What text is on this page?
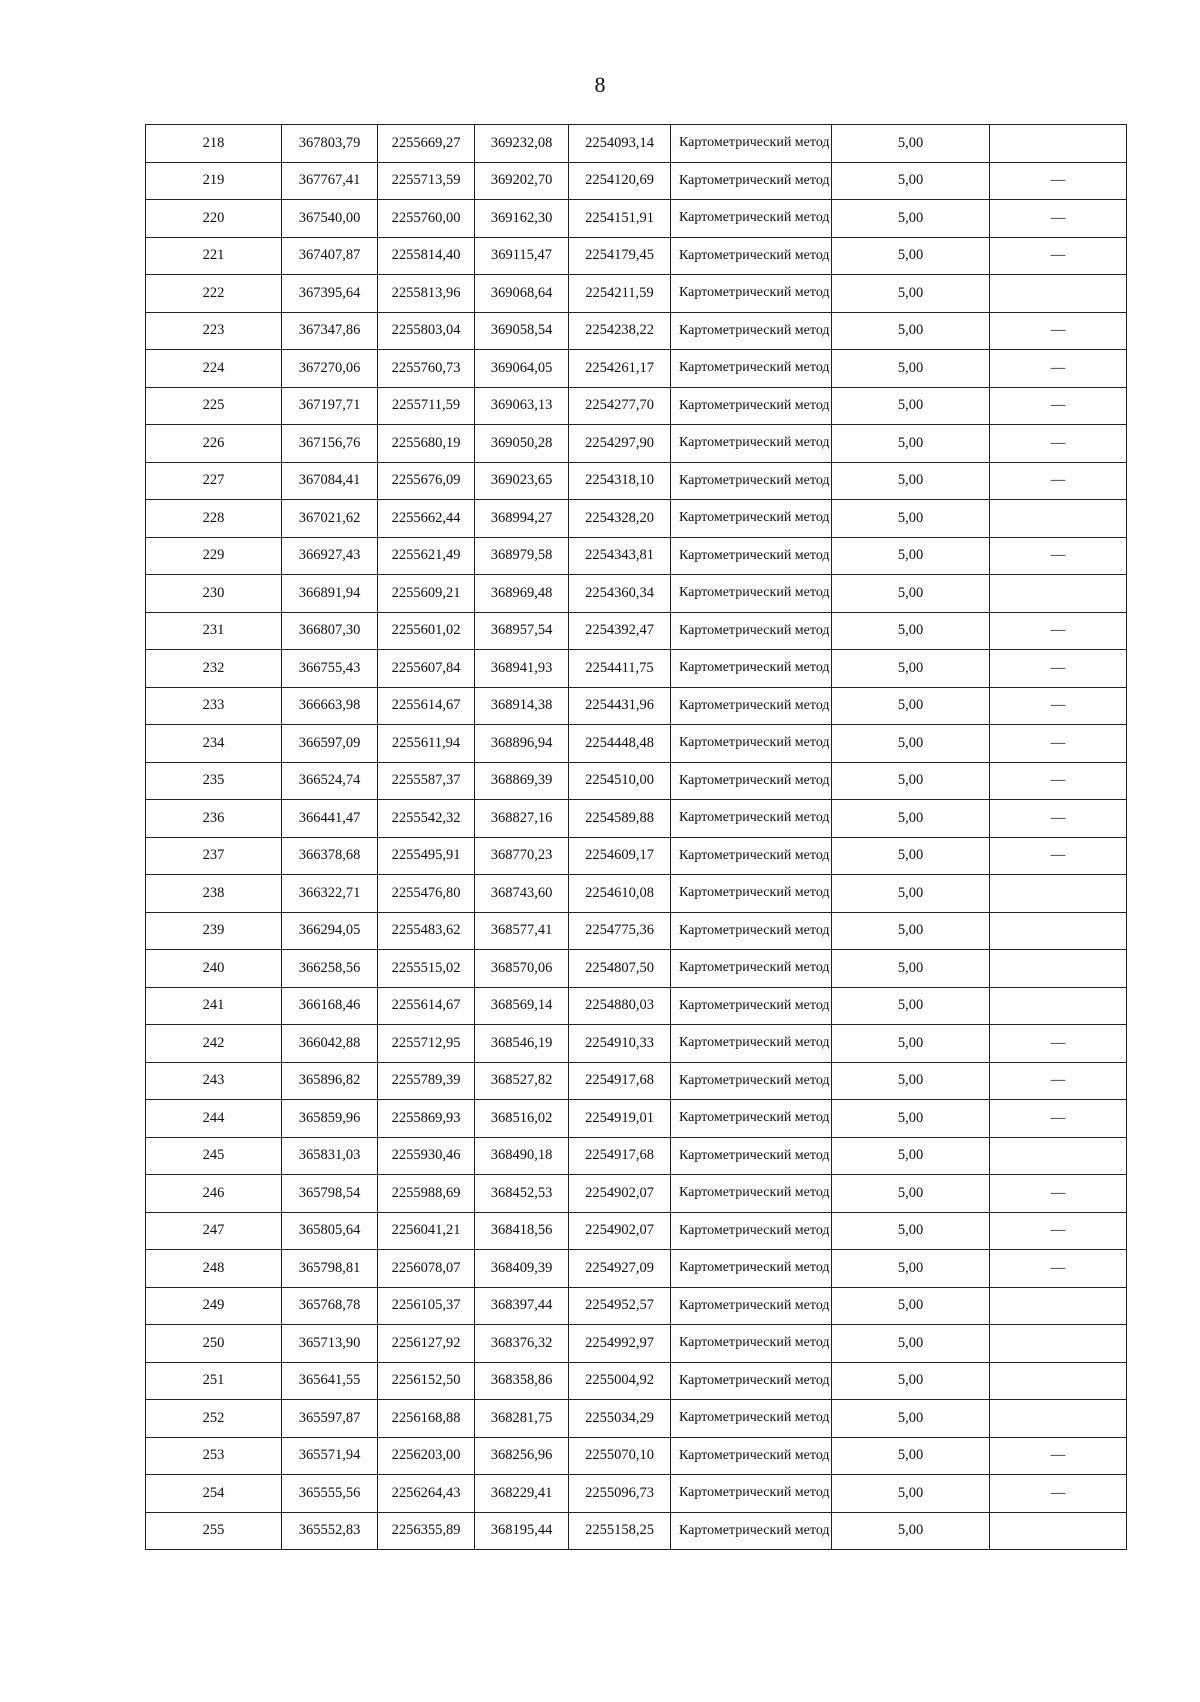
8
218	367803,79	2255669,27	369232,08	2254093,14	Картометрический метод	5,00	
219	367767,41	2255713,59	369202,70	2254120,69	Картометрический метод	5,00	—
220	367540,00	2255760,00	369162,30	2254151,91	Картометрический метод	5,00	—
221	367407,87	2255814,40	369115,47	2254179,45	Картометрический метод	5,00	—
222	367395,64	2255813,96	369068,64	2254211,59	Картометрический метод	5,00	
223	367347,86	2255803,04	369058,54	2254238,22	Картометрический метод	5,00	—
224	367270,06	2255760,73	369064,05	2254261,17	Картометрический метод	5,00	—
225	367197,71	2255711,59	369063,13	2254277,70	Картометрический метод	5,00	—
226	367156,76	2255680,19	369050,28	2254297,90	Картометрический метод	5,00	—
227	367084,41	2255676,09	369023,65	2254318,10	Картометрический метод	5,00	—
228	367021,62	2255662,44	368994,27	2254328,20	Картометрический метод	5,00	
229	366927,43	2255621,49	368979,58	2254343,81	Картометрический метод	5,00	—
230	366891,94	2255609,21	368969,48	2254360,34	Картометрический метод	5,00	
231	366807,30	2255601,02	368957,54	2254392,47	Картометрический метод	5,00	—
232	366755,43	2255607,84	368941,93	2254411,75	Картометрический метод	5,00	—
233	366663,98	2255614,67	368914,38	2254431,96	Картометрический метод	5,00	—
234	366597,09	2255611,94	368896,94	2254448,48	Картометрический метод	5,00	—
235	366524,74	2255587,37	368869,39	2254510,00	Картометрический метод	5,00	—
236	366441,47	2255542,32	368827,16	2254589,88	Картометрический метод	5,00	—
237	366378,68	2255495,91	368770,23	2254609,17	Картометрический метод	5,00	—
238	366322,71	2255476,80	368743,60	2254610,08	Картометрический метод	5,00	
239	366294,05	2255483,62	368577,41	2254775,36	Картометрический метод	5,00	
240	366258,56	2255515,02	368570,06	2254807,50	Картометрический метод	5,00	
241	366168,46	2255614,67	368569,14	2254880,03	Картометрический метод	5,00	
242	366042,88	2255712,95	368546,19	2254910,33	Картометрический метод	5,00	—
243	365896,82	2255789,39	368527,82	2254917,68	Картометрический метод	5,00	—
244	365859,96	2255869,93	368516,02	2254919,01	Картометрический метод	5,00	—
245	365831,03	2255930,46	368490,18	2254917,68	Картометрический метод	5,00	
246	365798,54	2255988,69	368452,53	2254902,07	Картометрический метод	5,00	—
247	365805,64	2256041,21	368418,56	2254902,07	Картометрический метод	5,00	—
248	365798,81	2256078,07	368409,39	2254927,09	Картометрический метод	5,00	—
249	365768,78	2256105,37	368397,44	2254952,57	Картометрический метод	5,00	
250	365713,90	2256127,92	368376,32	2254992,97	Картометрический метод	5,00	
251	365641,55	2256152,50	368358,86	2255004,92	Картометрический метод	5,00	
252	365597,87	2256168,88	368281,75	2255034,29	Картометрический метод	5,00	
253	365571,94	2256203,00	368256,96	2255070,10	Картометрический метод	5,00	—
254	365555,56	2256264,43	368229,41	2255096,73	Картометрический метод	5,00	—
255	365552,83	2256355,89	368195,44	2255158,25	Картометрический метод	5,00	
